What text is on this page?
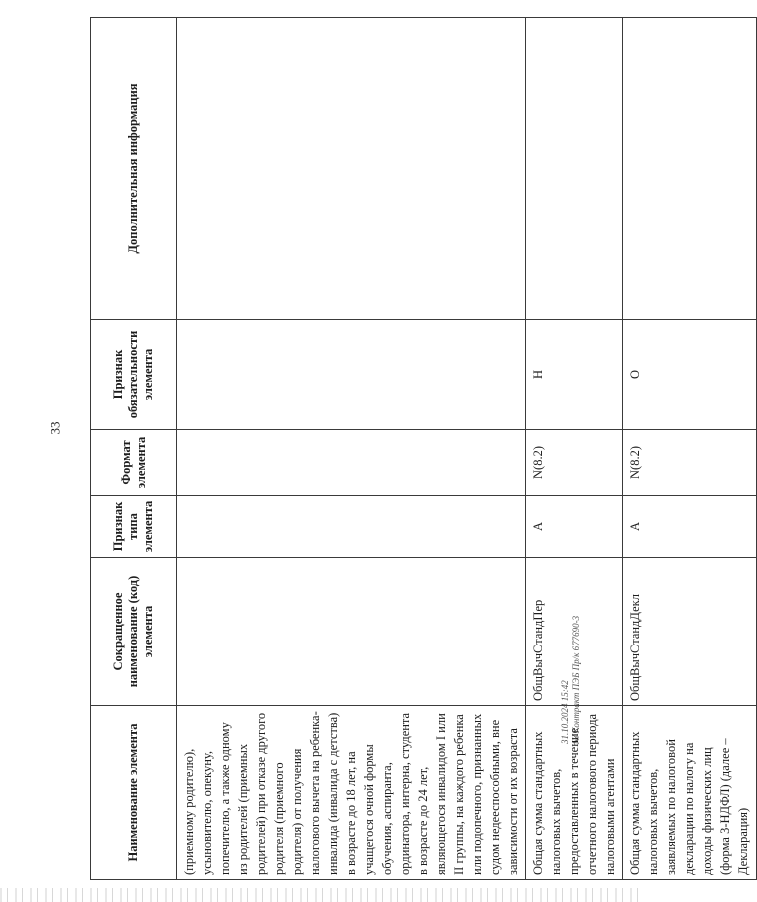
33
31.10.2024 15:42 № Контракт ПЭБ Пр/к 677690-3
Наименование элемента	Сокращенное наименование (код) элемента	Признак типа элемента	Формат элемента	Признак обязательности элемента	Дополнительная информация
(приемному родителю), усыновителю, опекуну, попечителю, а также одному из родителей (приемных родителей) при отказе другого родителя (приемного родителя) от получения налогового вычета на ребенка-инвалида (инвалида с детства) в возрасте до 18 лет, на учащегося очной формы обучения, аспиранта, ординатора, интерна, студента в возрасте до 24 лет, являющегося инвалидом I или II группы, на каждого ребенка или подопечного, признанных судом недееспособными, вне зависимости от их возраста					
Общая сумма стандартных налоговых вычетов, предоставленных в течение отчетного налогового периода налоговыми агентами	ОбщВычСтандПер	А	N(8.2)	Н	
Общая сумма стандартных налоговых вычетов, заявляемых по налоговой декларации по налогу на доходы физических лиц (форма 3-НДФЛ) (далее – Декларация)	ОбщВычСтандДекл	А	N(8.2)	О	
